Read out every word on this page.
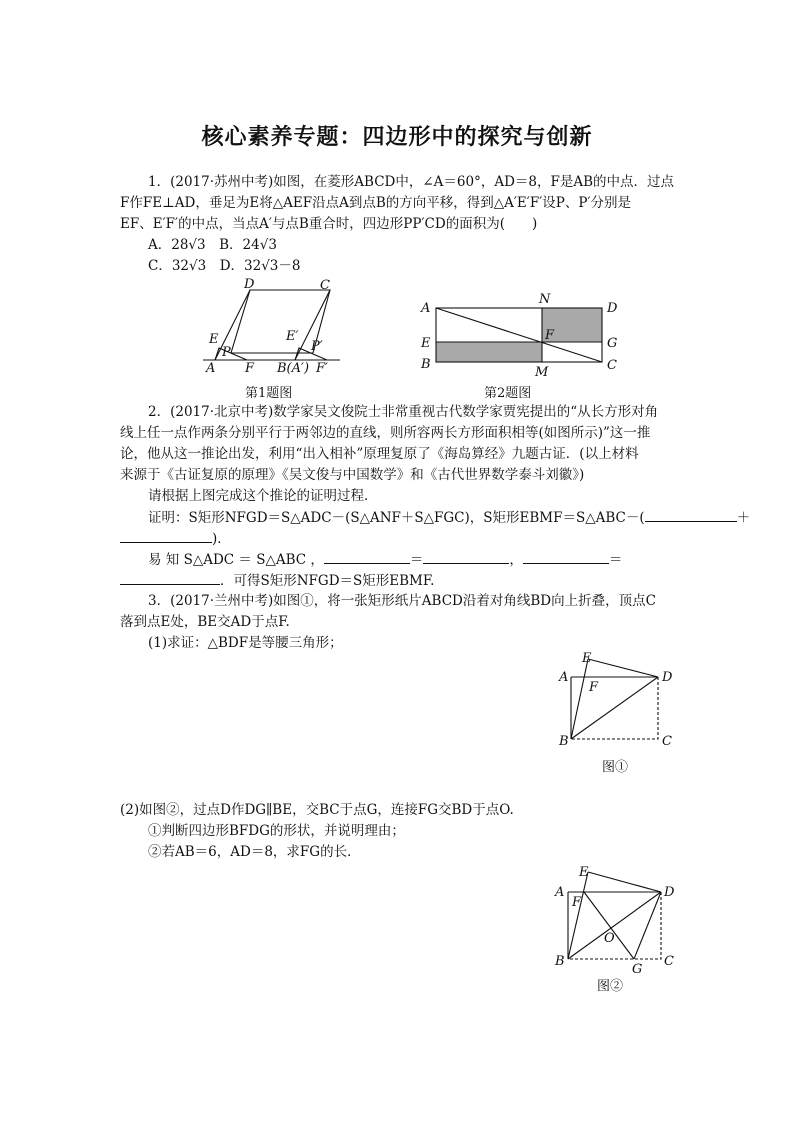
核心素养专题：四边形中的探究与创新
1．(2017·苏州中考)如图，在菱形ABCD中，∠A＝60°，AD＝8，F是AB的中点．过点
F作FE⊥AD，垂足为E将△AEF沿点A到点B的方向平移，得到△A′E′F′设P、P′分别是
EF、E′F′的中点，当点A′与点B重合时，四边形PP′CD的面积为(　　)
A．28√3　B．24√3
C．32√3　D．32√3－8
A	B(A′)
C
D
E	E′
F	F′
P	P′
第1题图
A
N
D
E
F
G
B
M	C
第2题图
2．(2017·北京中考)数学家吴文俊院士非常重视古代数学家贾宪提出的“从长方形对角
线上任一点作两条分别平行于两邻边的直线，则所容两长方形面积相等(如图所示)”这一推
论，他从这一推论出发，利用“出入相补”原理复原了《海岛算经》九题古证．(以上材料
来源于《古证复原的原理》《吴文俊与中国数学》和《古代世界数学泰斗刘徽》)
请根据上图完成这个推论的证明过程．
证明：S矩形NFGD＝S△ADC－(S△ANF＋S△FGC)，S矩形EBMF＝S△ABC－(	＋
)．
易 知 S△ADC ＝ S△ABC ，	＝	，	＝
．可得S矩形NFGD＝S矩形EBMF.
3．(2017·兰州中考)如图①，将一张矩形纸片ABCD沿着对角线BD向上折叠，顶点C
落到点E处，BE交AD于点F.
(1)求证：△BDF是等腰三角形；
A
E
F
D
B	C
图①
(2)如图②，过点D作DG∥BE，交BC于点G，连接FG交BD于点O.
①判断四边形BFDG的形状，并说明理由；
②若AB＝6，AD＝8，求FG的长．
A
E
F
D
O
B
G
C
图②
